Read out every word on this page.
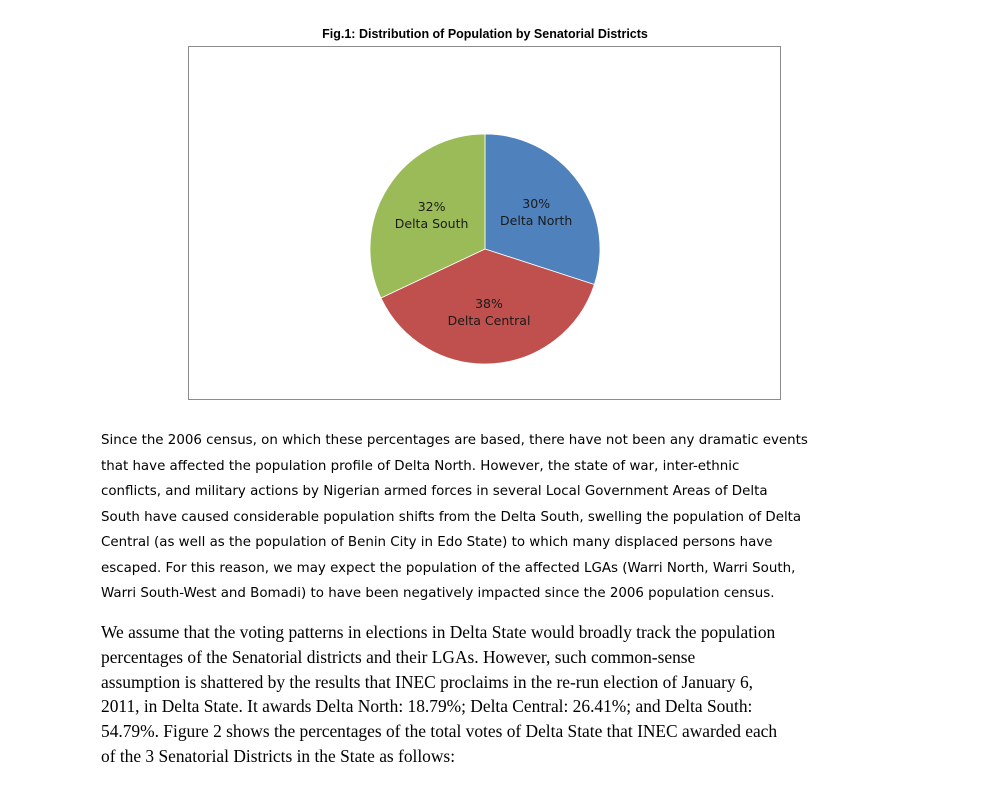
Fig.1: Distribution of Population by Senatorial Districts
30% Delta North
38% Delta Central
32% Delta South
Since the 2006 census, on which these percentages are based, there have not been any dramatic events
that have affected the population profile of Delta North. However, the state of war, inter-ethnic
conflicts, and military actions by Nigerian armed forces in several Local Government Areas of Delta
South have caused considerable population shifts from the Delta South, swelling the population of Delta
Central (as well as the population of Benin City in Edo State) to which many displaced persons have
escaped. For this reason, we may expect the population of the affected LGAs (Warri North, Warri South,
Warri South-West and Bomadi) to have been negatively impacted since the 2006 population census.
We assume that the voting patterns in elections in Delta State would broadly track the population
percentages of the Senatorial districts and their LGAs. However, such common-sense
assumption is shattered by the results that INEC proclaims in the re-run election of January 6,
2011, in Delta State. It awards Delta North: 18.79%; Delta Central: 26.41%; and Delta South:
54.79%. Figure 2 shows the percentages of the total votes of Delta State that INEC awarded each
of the 3 Senatorial Districts in the State as follows:
